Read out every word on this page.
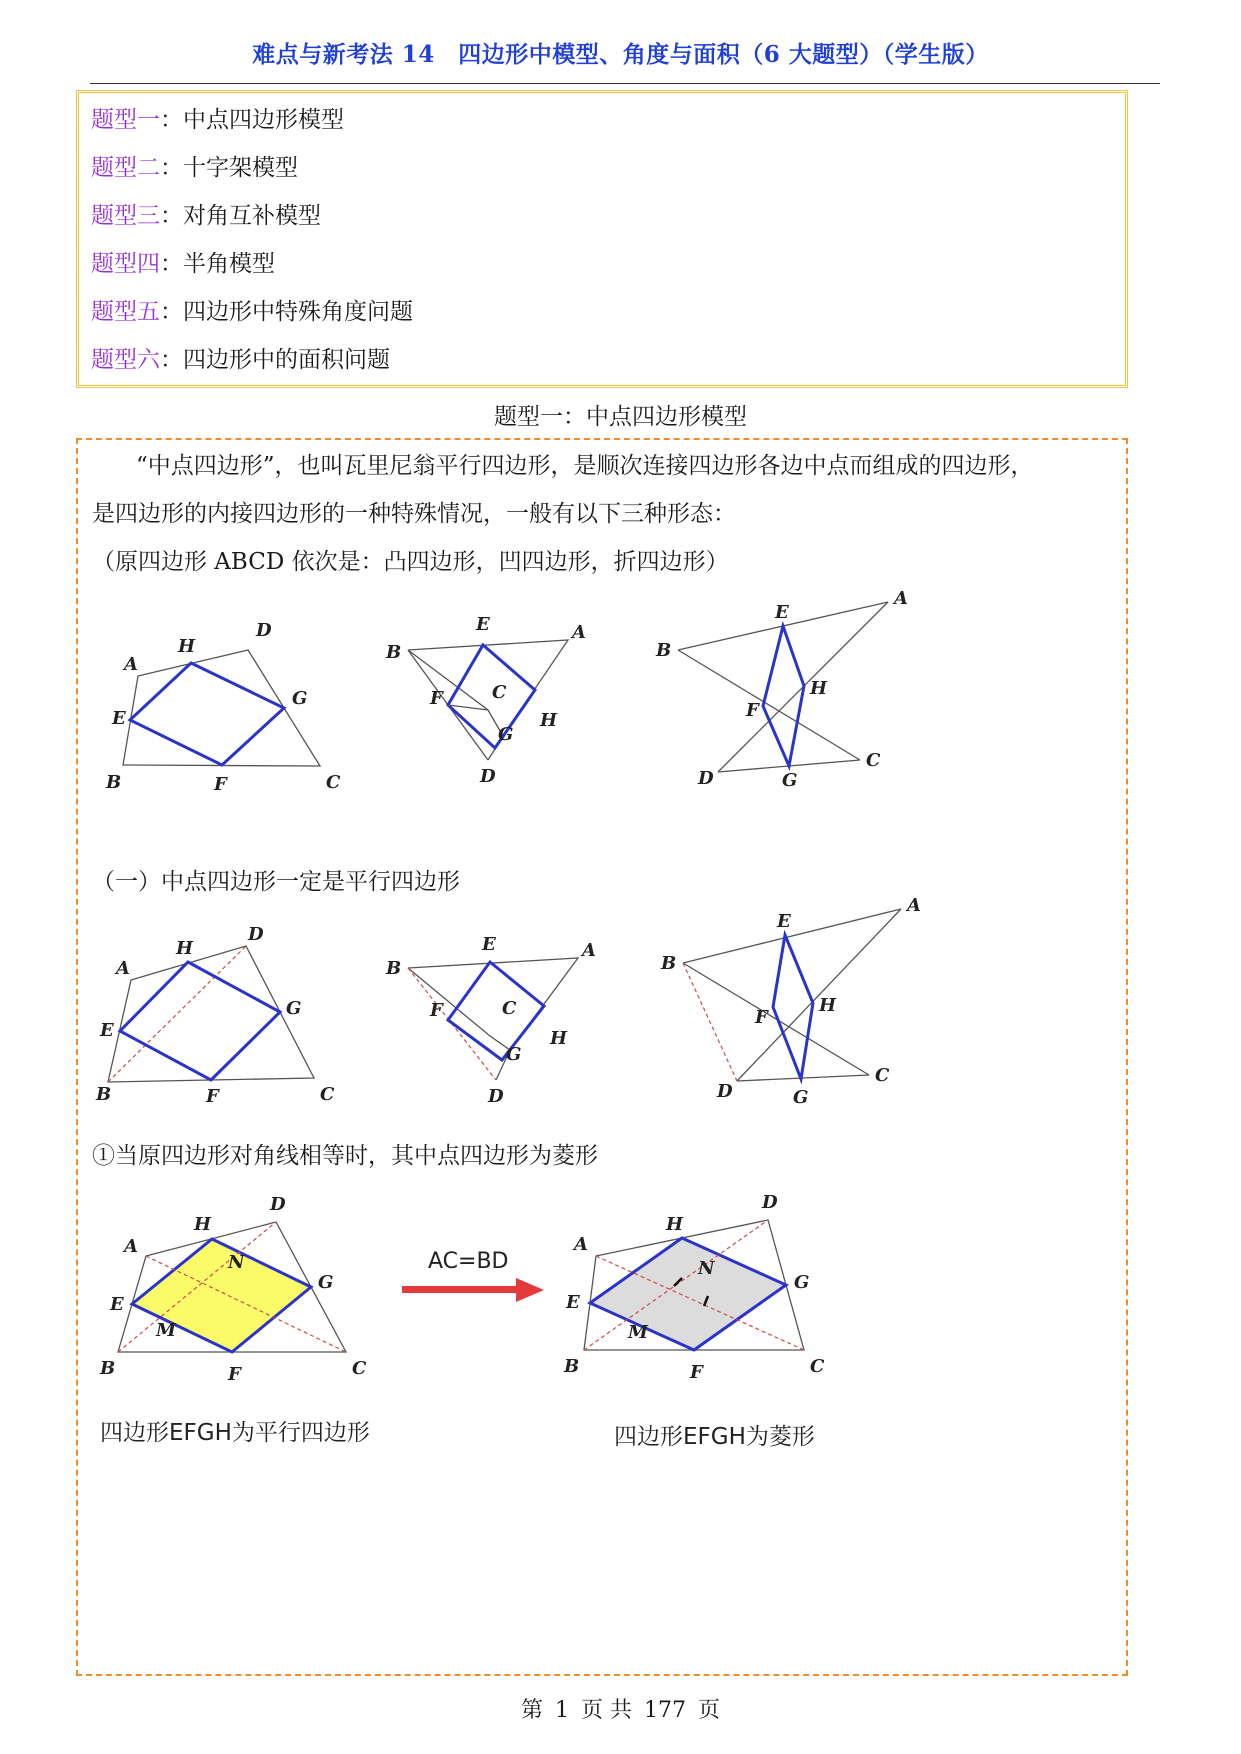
难点与新考法 14　四边形中模型、角度与面积（6 大题型）（学生版）
题型一：中点四边形模型
题型二：十字架模型
题型三：对角互补模型
题型四：半角模型
题型五：四边形中特殊角度问题
题型六：四边形中的面积问题
题型一：中点四边形模型
“中点四边形”，也叫瓦里尼翁平行四边形，是顺次连接四边形各边中点而组成的四边形，
是四边形的内接四边形的一种特殊情况，一般有以下三种形态：
（原四边形 ABCD 依次是：凸四边形，凹四边形，折四边形）
A
D
B	C
H
G
F
E
B
A
E
F	C
H
G
D
B
A
E
H
F
D	G
C
（一）中点四边形一定是平行四边形
A
D
B	C
H
G
F
E
B
A
E
F	C
H
G
D
B
A
E
H
F
D	G
C
①当原四边形对角线相等时，其中点四边形为菱形
A
D
B	C
H
G
F
E
M
N	AC=BD
A
D
B	C
H
G
F
E
M
N
四边形EFGH为平行四边形	四边形EFGH为菱形
第 1 页 共 177 页
